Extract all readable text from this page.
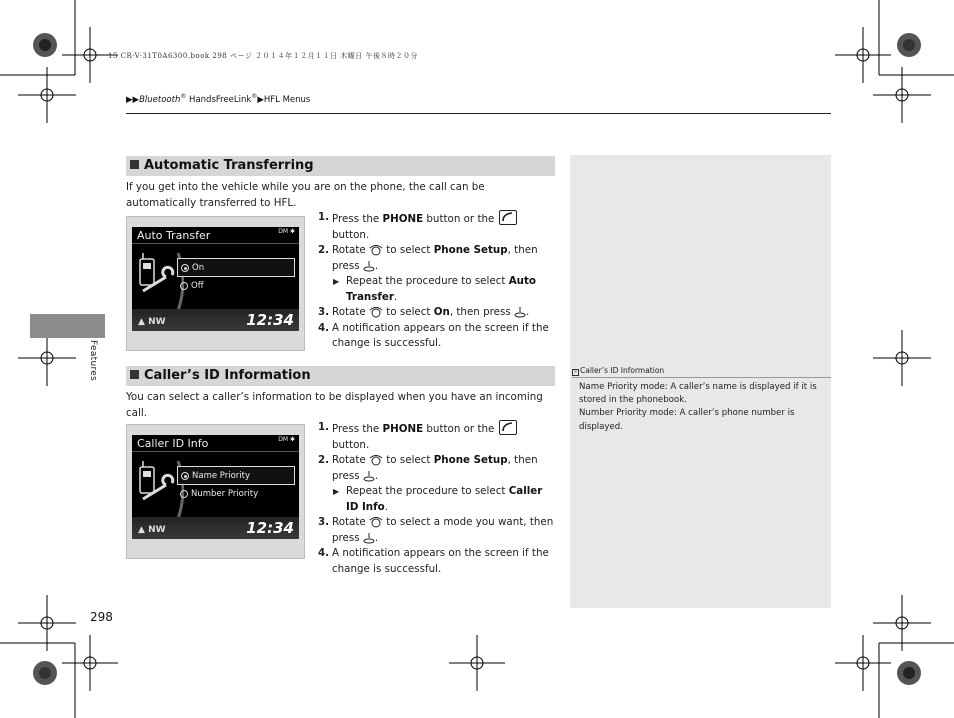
15 CR-V-31T0A6300.book 298 ページ ２０１４年１２月１１日 木曜日 午後８時２０分
▶▶Bluetooth® HandsFreeLink®▶HFL Menus
Features
Automatic Transferring
If you get into the vehicle while you are on the phone, the call can be automatically transferred to HFL.
Auto Transfer	DM ✱
On
Off
▲ NW	12:34
1. Press the PHONE button or the
button.
2. Rotate  to select Phone Setup, then press .
▶ Repeat the procedure to select Auto Transfer.
3. Rotate  to select On, then press .
4. A notification appears on the screen if the change is successful.
Caller’s ID Information
You can select a caller’s information to be displayed when you have an incoming call.
Caller ID Info	DM ✱
Name Priority
Number Priority
▲ NW	12:34
1. Press the PHONE button or the
button.
2. Rotate  to select Phone Setup, then press .
▶ Repeat the procedure to select Caller ID Info.
3. Rotate  to select a mode you want, then press .
4. A notification appears on the screen if the change is successful.
» Caller’s ID Information
Name Priority mode: A caller’s name is displayed if it is stored in the phonebook.
Number Priority mode: A caller’s phone number is displayed.
298
